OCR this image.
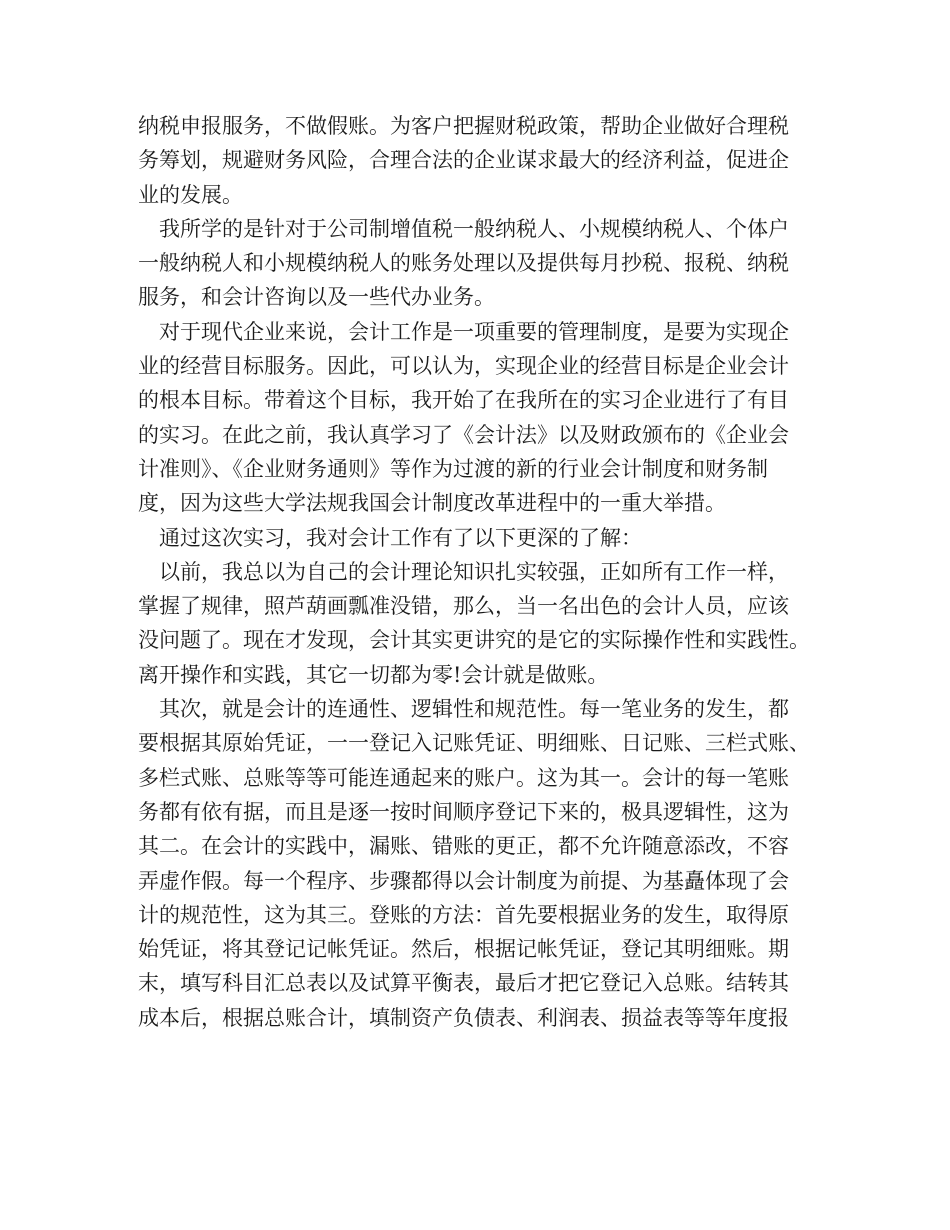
纳税申报服务，不做假账。为客户把握财税政策，帮助企业做好合理税
务筹划，规避财务风险，合理合法的企业谋求最大的经济利益，促进企
业的发展。
　我所学的是针对于公司制增值税一般纳税人、小规模纳税人、个体户
一般纳税人和小规模纳税人的账务处理以及提供每月抄税、报税、纳税
服务，和会计咨询以及一些代办业务。
　对于现代企业来说，会计工作是一项重要的管理制度，是要为实现企
业的经营目标服务。因此，可以认为，实现企业的经营目标是企业会计
的根本目标。带着这个目标，我开始了在我所在的实习企业进行了有目
的实习。在此之前，我认真学习了《会计法》以及财政颁布的《企业会
计准则》、《企业财务通则》等作为过渡的新的行业会计制度和财务制
度，因为这些大学法规我国会计制度改革进程中的一重大举措。
　通过这次实习，我对会计工作有了以下更深的了解：
　以前，我总以为自己的会计理论知识扎实较强，正如所有工作一样，
掌握了规律，照芦葫画瓢准没错，那么，当一名出色的会计人员，应该
没问题了。现在才发现，会计其实更讲究的是它的实际操作性和实践性。
离开操作和实践，其它一切都为零!会计就是做账。
　其次，就是会计的连通性、逻辑性和规范性。每一笔业务的发生，都
要根据其原始凭证，一一登记入记账凭证、明细账、日记账、三栏式账、
多栏式账、总账等等可能连通起来的账户。这为其一。会计的每一笔账
务都有依有据，而且是逐一按时间顺序登记下来的，极具逻辑性，这为
其二。在会计的实践中，漏账、错账的更正，都不允许随意添改，不容
弄虚作假。每一个程序、步骤都得以会计制度为前提、为基矗体现了会
计的规范性，这为其三。登账的方法：首先要根据业务的发生，取得原
始凭证，将其登记记帐凭证。然后，根据记帐凭证，登记其明细账。期
末，填写科目汇总表以及试算平衡表，最后才把它登记入总账。结转其
成本后，根据总账合计，填制资产负债表、利润表、损益表等等年度报
